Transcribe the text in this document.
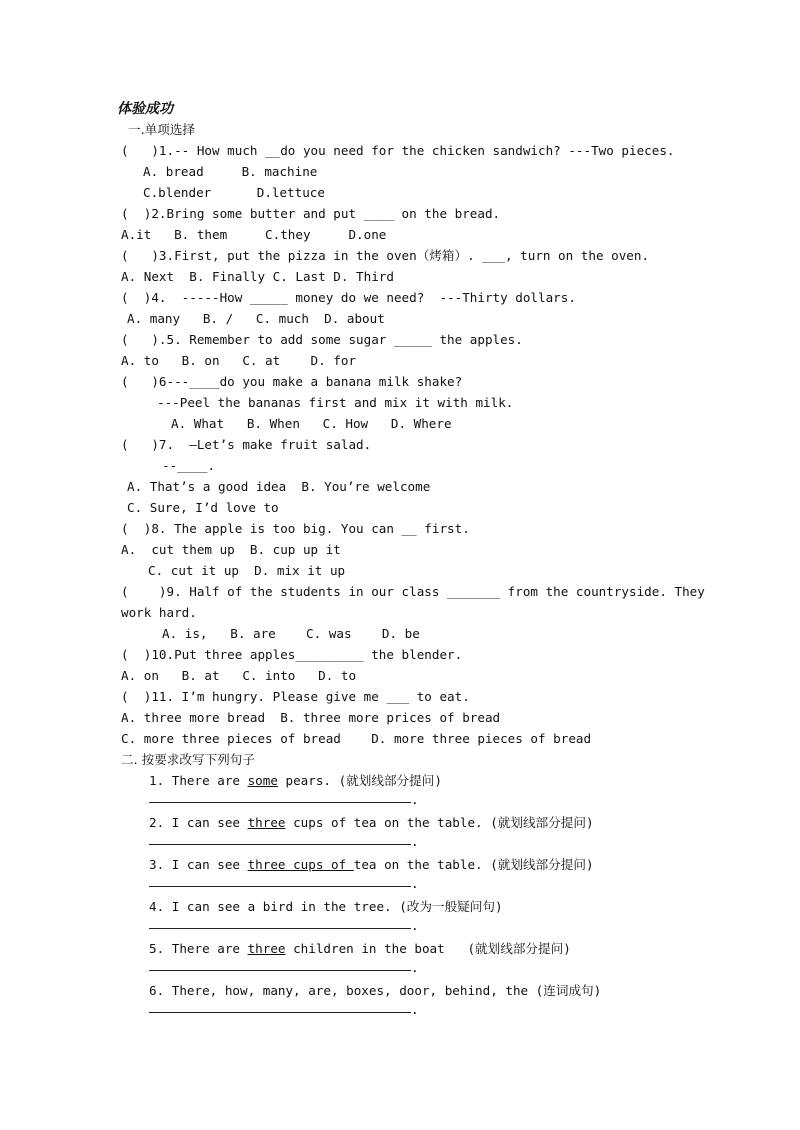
体验成功
一.单项选择
(   )1.-- How much __do you need for the chicken sandwich? ---Two pieces.
A. bread     B. machine
C.blender      D.lettuce
(  )2.Bring some butter and put ____ on the bread.
A.it   B. them     C.they     D.one
(   )3.First, put the pizza in the oven（烤箱）. ___, turn on the oven.
A. Next  B. Finally C. Last D. Third
(  )4.  -----How _____ money do we need?  ---Thirty dollars.
A. many   B. /   C. much  D. about
(   ).5. Remember to add some sugar _____ the apples.
A. to   B. on   C. at    D. for
(   )6---____do you make a banana milk shake?
---Peel the bananas first and mix it with milk.
A. What   B. When   C. How   D. Where
(   )7.  –Let’s make fruit salad.
--____.
A. That’s a good idea  B. You’re welcome
C. Sure, I’d love to
(  )8. The apple is too big. You can __ first.
A.  cut them up  B. cup up it
C. cut it up  D. mix it up
(    )9. Half of the students in our class _______ from the countryside. They
work hard.
A. is,   B. are    C. was    D. be
(  )10.Put three apples_________ the blender.
A. on   B. at   C. into   D. to
(  )11. I’m hungry. Please give me ___ to eat.
A. three more bread  B. three more prices of bread
C. more three pieces of bread    D. more three pieces of bread
二. 按要求改写下列句子
1. There are some pears. (就划线部分提问)
.
2. I can see three cups of tea on the table. (就划线部分提问)
.
3. I can see three cups of tea on the table. (就划线部分提问)
.
4. I can see a bird in the tree. (改为一般疑问句)
.
5. There are three children in the boat   (就划线部分提问)
.
6. There, how, many, are, boxes, door, behind, the (连词成句)
.
